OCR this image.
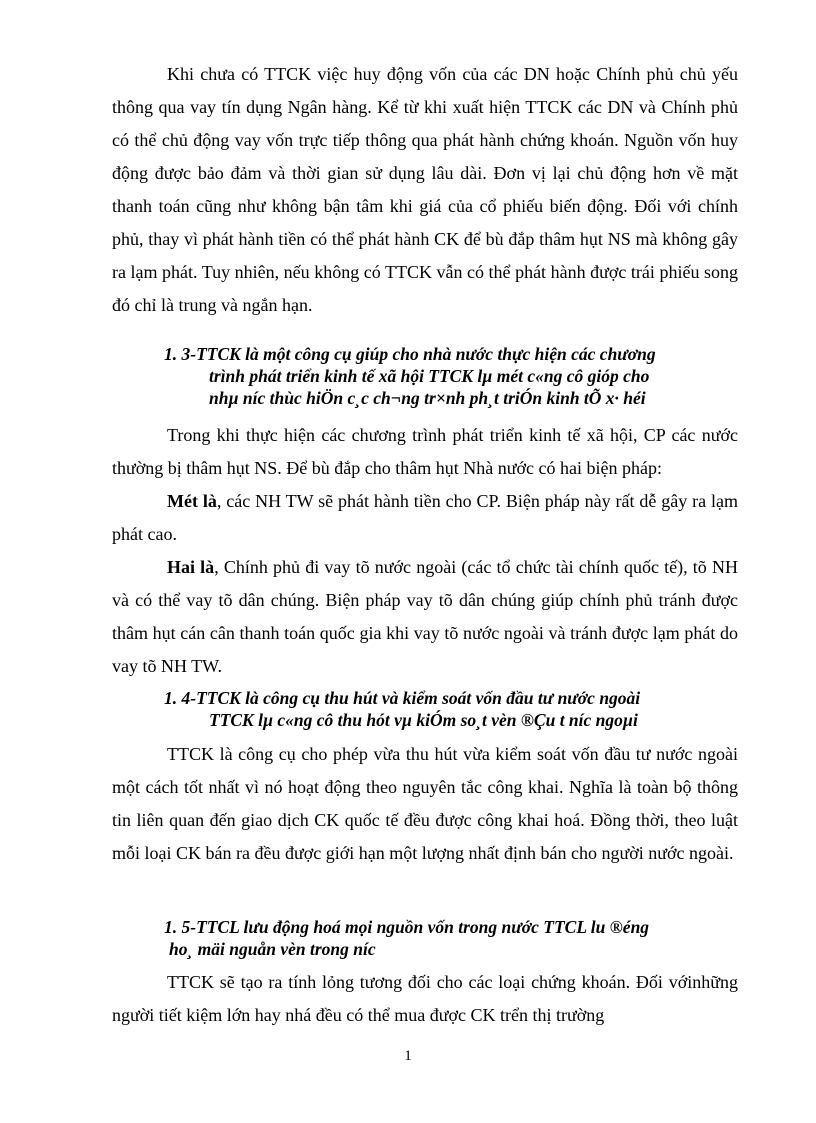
Khi chưa có TTCK việc huy động vốn của các DN hoặc Chính phủ chủ yếu thông qua vay tín dụng Ngân hàng. Kể từ khi xuất hiện TTCK các DN và Chính phủ có thể chủ động vay vốn trực tiếp thông qua phát hành chứng khoán. Nguồn vốn huy động được bảo đảm và thời gian sử dụng lâu dài. Đơn vị lại chủ động hơn về mặt thanh toán cũng như không bận tâm khi giá của cổ phiếu biến động. Đối với chính phủ, thay vì phát hành tiền có thể phát hành CK để bù đắp thâm hụt NS mà không gây ra lạm phát. Tuy nhiên, nếu không có TTCK vẫn có thể phát hành được trái phiếu song đó chỉ là trung và ngắn hạn.

1. 3-TTCK là một công cụ giúp cho nhà nước thực hiện các chương
trình phát triển kinh tế xã hội TTCK lµ mét c«ng cô gióp cho
nhµ níc thùc hiÖn c¸c ch¬ng tr×nh ph¸t triÓn kinh tÕ x· héi

Trong khi thực hiện các chương trình phát triển kinh tế xã hội, CP các nước thường bị thâm hụt NS. Để bù đắp cho thâm hụt Nhà nước có hai biện pháp:

Mét là, các NH TW sẽ phát hành tiền cho CP. Biện pháp này rất dễ gây ra lạm phát cao.

Hai là, Chính phủ đi vay tõ nước ngoài (các tổ chức tài chính quốc tế), tõ NH và có thể vay tõ dân chúng. Biện pháp vay tõ dân chúng giúp chính phủ tránh được thâm hụt cán cân thanh toán quốc gia khi vay tõ nước ngoài và tránh được lạm phát do vay tõ NH TW.

1. 4-TTCK là công cụ thu hút và kiểm soát vốn đầu tư nước ngoài
TTCK lµ c«ng cô thu hót vµ kiÓm so¸t vèn ®Çu t níc ngoµi

TTCK là công cụ cho phép vừa thu hút vừa kiểm soát vốn đầu tư nước ngoài một cách tốt nhất vì nó hoạt động theo nguyên tắc công khai. Nghĩa là toàn bộ thông tin liên quan đến giao dịch CK quốc tế đều được công khai hoá. Đồng thời, theo luật mỗi loại CK bán ra đều được giới hạn một lượng nhất định bán cho người nước ngoài.

1. 5-TTCL lưu động hoá mọi nguồn vốn trong nước TTCL lu ®éng
ho¸ mäi nguån vèn trong níc

TTCK sẽ tạo ra tính lỏng tương đối cho các loại chứng khoán. Đối vớinhững người tiết kiệm lớn hay nhá đều có thể mua được CK trển thị trường

1
